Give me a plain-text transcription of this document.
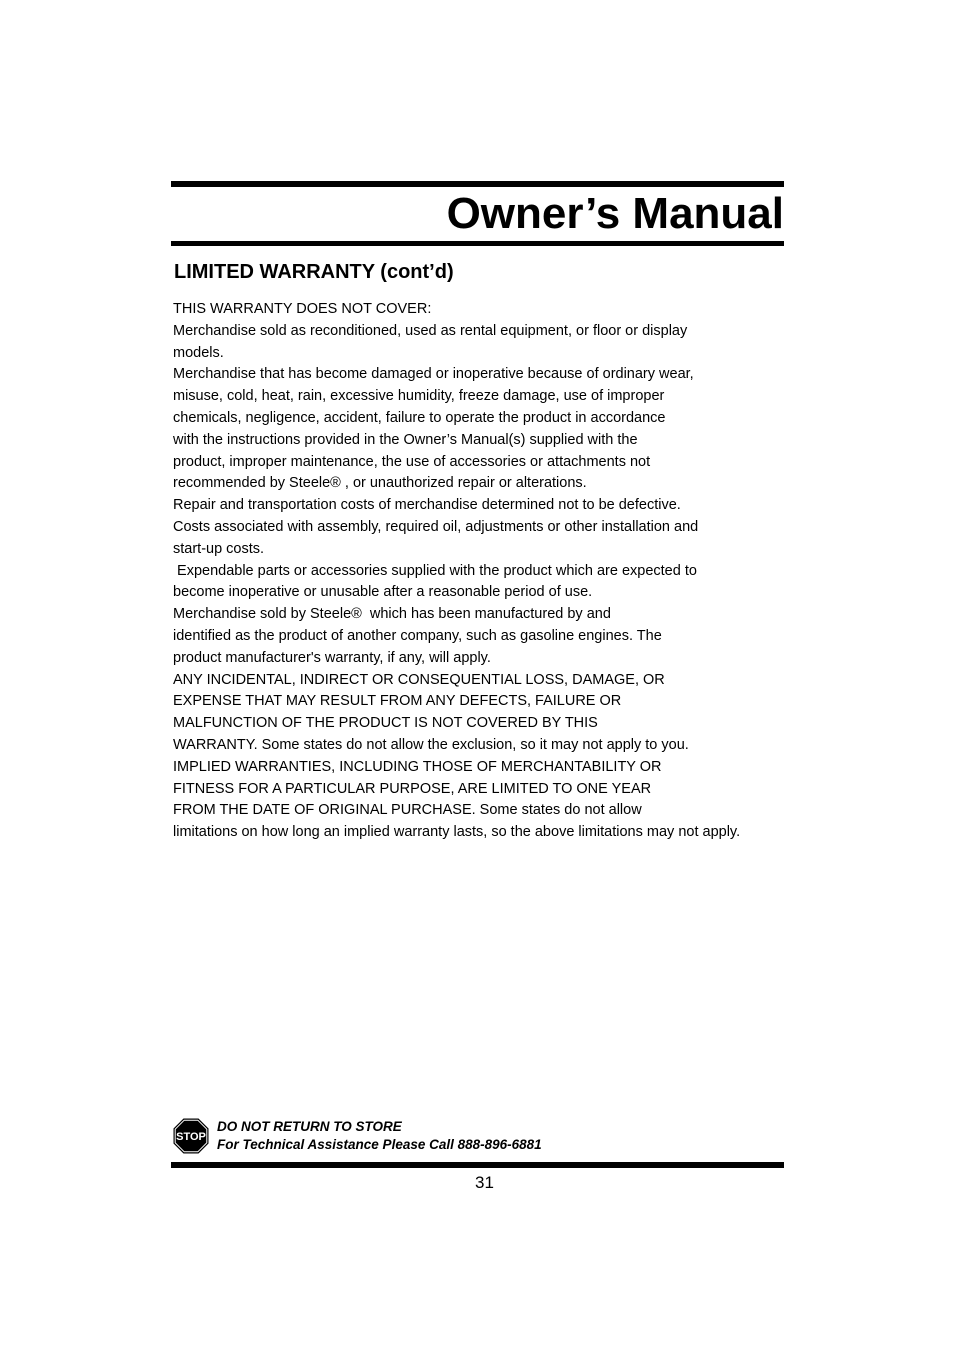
Owner’s Manual
LIMITED WARRANTY (cont’d)
THIS WARRANTY DOES NOT COVER:
Merchandise sold as reconditioned, used as rental equipment, or floor or display
models.
Merchandise that has become damaged or inoperative because of ordinary wear,
misuse, cold, heat, rain, excessive humidity, freeze damage, use of improper
chemicals, negligence, accident, failure to operate the product in accordance
with the instructions provided in the Owner’s Manual(s) supplied with the
product, improper maintenance, the use of accessories or attachments not
recommended by Steele® , or unauthorized repair or alterations.
Repair and transportation costs of merchandise determined not to be defective.
Costs associated with assembly, required oil, adjustments or other installation and
start-up costs.
Expendable parts or accessories supplied with the product which are expected to
become inoperative or unusable after a reasonable period of use.
Merchandise sold by Steele®  which has been manufactured by and
identified as the product of another company, such as gasoline engines. The
product manufacturer's warranty, if any, will apply.
ANY INCIDENTAL, INDIRECT OR CONSEQUENTIAL LOSS, DAMAGE, OR
EXPENSE THAT MAY RESULT FROM ANY DEFECTS, FAILURE OR
MALFUNCTION OF THE PRODUCT IS NOT COVERED BY THIS
WARRANTY. Some states do not allow the exclusion, so it may not apply to you.
IMPLIED WARRANTIES, INCLUDING THOSE OF MERCHANTABILITY OR
FITNESS FOR A PARTICULAR PURPOSE, ARE LIMITED TO ONE YEAR
FROM THE DATE OF ORIGINAL PURCHASE. Some states do not allow
limitations on how long an implied warranty lasts, so the above limitations may not apply.
STOP
DO NOT RETURN TO STORE
For Technical Assistance Please Call 888-896-6881
31
